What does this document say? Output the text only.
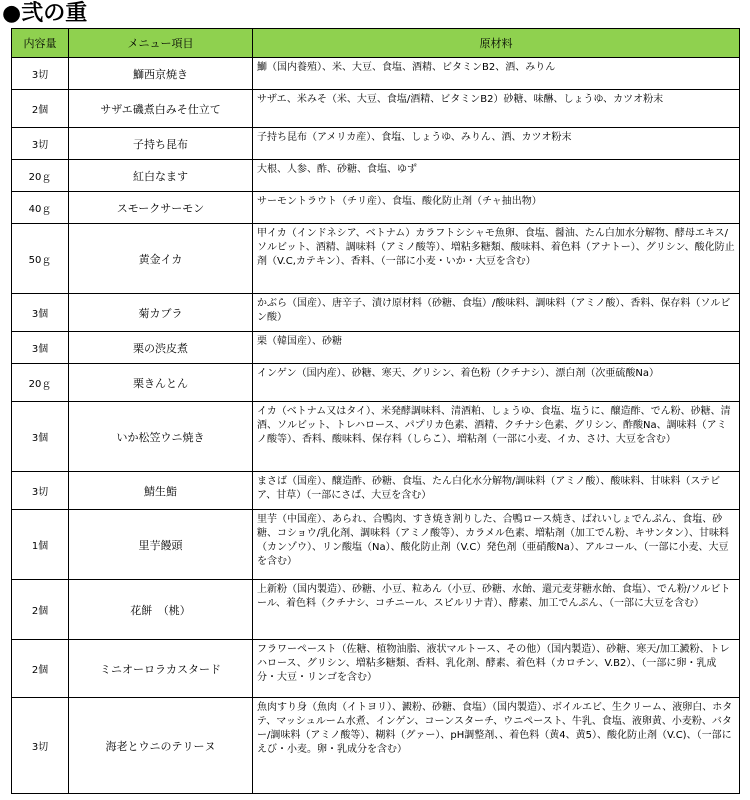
●弐の重
内容量	メニュー項目	原材料
3切	鰤西京焼き	鰤（国内養殖）、米、大豆、食塩、酒精、ビタミンB2、酒、みりん
2個	サザエ磯煮白みそ仕立て	サザエ、米みそ（米、大豆、食塩/酒精、ビタミンB2）砂糖、味醂、しょうゆ、カツオ粉末
3切	子持ち昆布	子持ち昆布（アメリカ産）、食塩、しょうゆ、みりん、酒、カツオ粉末
20ｇ	紅白なます	大根、人参、酢、砂糖、食塩、ゆず
40ｇ	スモークサーモン	サーモントラウト（チリ産）、食塩、酸化防止剤（チャ抽出物）
50ｇ	黄金イカ	甲イカ（インドネシア、ベトナム）カラフトシシャモ魚卵、食塩、醤油、たん白加水分解物、酵母エキス/ソルビット、酒精、調味料（アミノ酸等）、増粘多糖類、酸味料、着色料（アナトー）、グリシン、酸化防止剤（V.C,カテキン）、香料、（一部に小麦・いか・大豆を含む）
3個	菊カブラ	かぶら（国産）、唐辛子、漬け原材料（砂糖、食塩）/酸味料、調味料（アミノ酸）、香料、保存料（ソルビン酸）
3個	栗の渋皮煮	栗（韓国産）、砂糖
20ｇ	栗きんとん	インゲン（国内産）、砂糖、寒天、グリシン、着色粉（クチナシ）、漂白剤（次亜硫酸Na）
3個	いか松笠ウニ焼き	イカ（ベトナム又はタイ）、米発酵調味料、清酒粕、しょうゆ、食塩、塩うに、醸造酢、でん粉、砂糖、清酒、ソルビット、トレハロース、パプリカ色素、酒精、クチナシ色素、グリシン、酢酸Na、調味料（アミノ酸等）、香料、酸味料、保存料（しらこ）、増粘剤（一部に小麦、イカ、さけ、大豆を含む）
3切	鯖生鮨	まさば（国産）、醸造酢、砂糖、食塩、たん白化水分解物/調味料（アミノ酸）、酸味料、甘味料（ステビア、甘草）（一部にさば、大豆を含む）
1個	里芋饅頭	里芋（中国産）、あられ、合鴨肉、すき焼き割りした、合鴨ロース焼き、ばれいしょでんぷん、食塩、砂糖、コショウ/乳化剤、調味料（アミノ酸等）、カラメル色素、増粘剤（加工でん粉、キサンタン）、甘味料（カンゾウ）、リン酸塩（Na）、酸化防止剤（V.C）発色剤（亜硝酸Na）、アルコール、（一部に小麦、大豆を含む）
2個	花餅　（桃）	上新粉（国内製造）、砂糖、小豆、粒あん（小豆、砂糖、水飴、還元麦芽糖水飴、食塩）、でん粉/ソルビトール、着色料（クチナシ、コチニール、スピルリナ青）、酵素、加工でんぷん、（一部に大豆を含む）
2個	ミニオーロラカスタード	フラワーペースト（佐糖、植物油脂、液状マルトース、その他）（国内製造）、砂糖、寒天/加工澱粉、トレハロース、グリシン、増粘多糖類、香料、乳化剤、酵素、着色料（カロチン、V.B2）、（一部に卵・乳成分・大豆・リンゴを含む）
3切	海老とウニのテリーヌ	魚肉すり身（魚肉（イトヨリ）、澱粉、砂糖、食塩）（国内製造）、ボイルエビ、生クリーム、液卵白、ホタテ、マッシュルーム水煮、インゲン、コーンスターチ、ウニペースト、牛乳、食塩、液卵黄、小麦粉、バター/調味料（アミノ酸等）、糊料（グァー）、pH調整剤、、着色料（黄4、黄5）、酸化防止剤（V.C)、（一部にえび・小麦。卵・乳成分を含む）
